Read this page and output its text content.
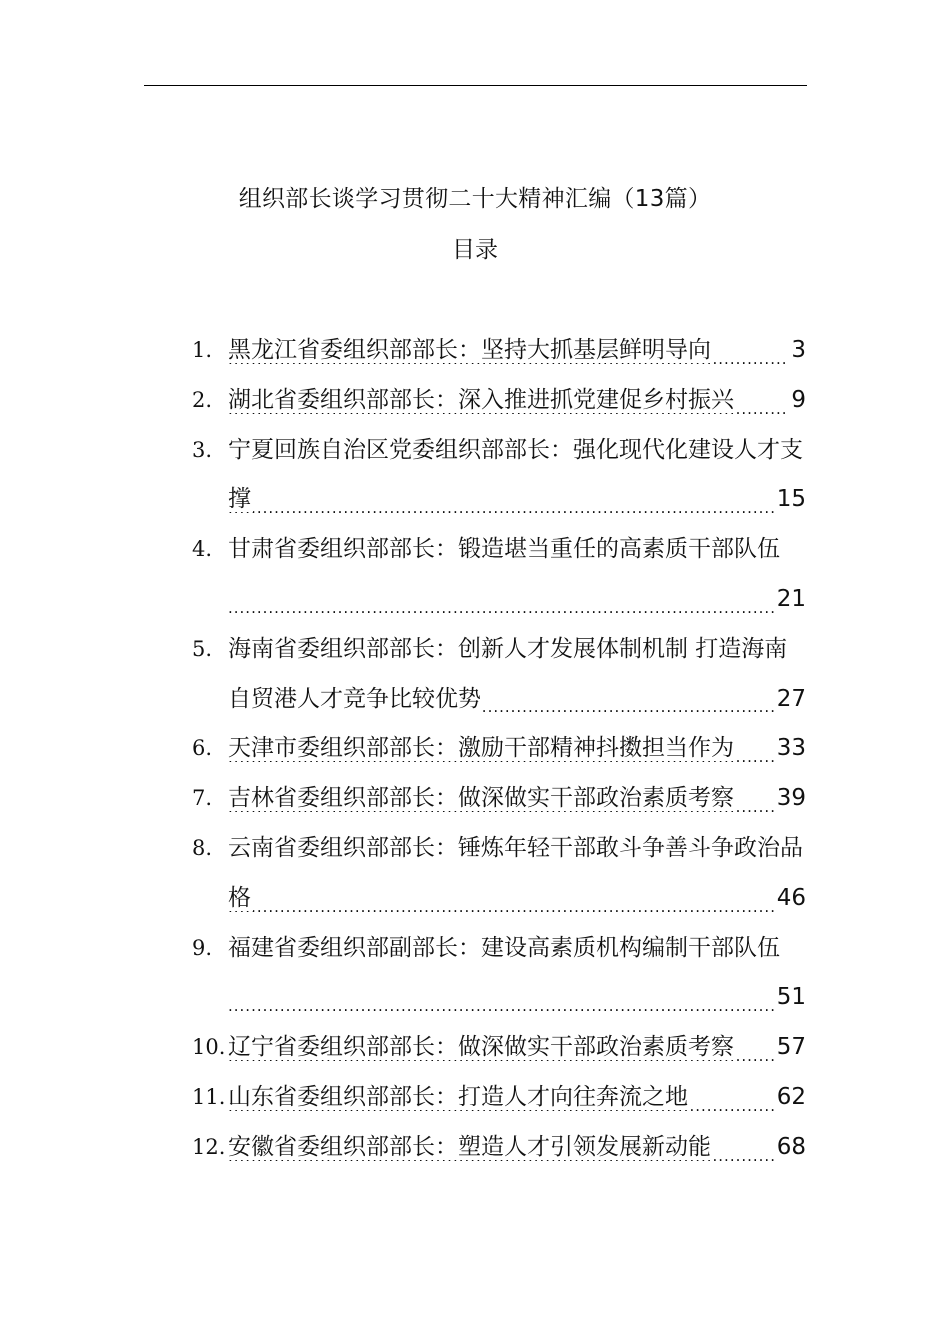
组织部长谈学习贯彻二十大精神汇编（13篇）
目录
1. 黑龙江省委组织部部长：坚持大抓基层鲜明导向	3
.....
2. 湖北省委组织部部长：深入推进抓党建促乡村振兴 9
.....
3. 宁夏回族自治区党委组织部部长：强化现代化建设人才支撑	15
.....
4. 甘肃省委组织部部长：锻造堪当重任的高素质干部队伍
21
.....
5. 海南省委组织部部长：创新人才发展体制机制 打造海南自贸港人才竞争比较优势	27
.....
6. 天津市委组织部部长：激励干部精神抖擞担当作为 33
.....
7. 吉林省委组织部部长：做深做实干部政治素质考察 39
.....
8. 云南省委组织部部长：锤炼年轻干部敢斗争善斗争政治品格	46
.....
9. 福建省委组织部副部长：建设高素质机构编制干部队伍
51
.....
10. 辽宁省委组织部部长：做深做实干部政治素质考察 57
.....
11. 山东省委组织部部长：打造人才向往奔流之地	62
.....
12. 安徽省委组织部部长：塑造人才引领发展新动能	68
.....
